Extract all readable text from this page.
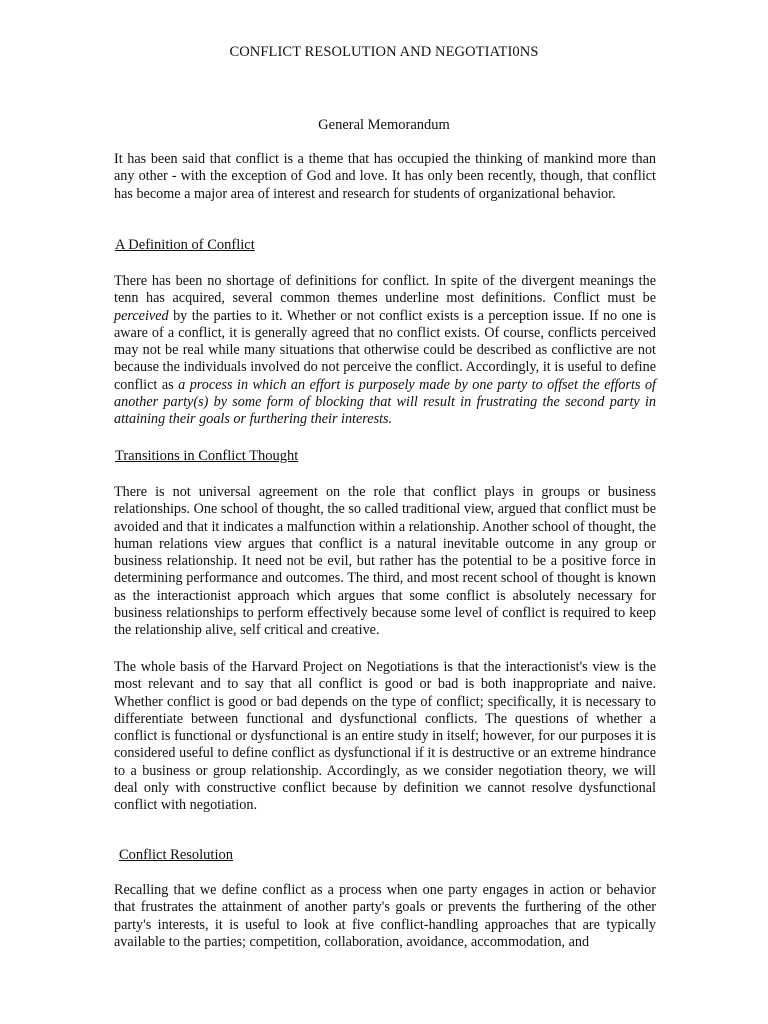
CONFLICT RESOLUTION AND NEGOTIATI0NS
General Memorandum

It has been said that conflict is a theme that has occupied the thinking of mankind more than any other - with the exception of God and love. It has only been recently, though, that conflict has become a major area of interest and research for students of organizational behavior.

A Definition of Conflict

There has been no shortage of definitions for conflict. In spite of the divergent meanings the tenn has acquired, several common themes underline most definitions. Conflict must be perceived by the parties to it. Whether or not conflict exists is a perception issue. If no one is aware of a conflict, it is generally agreed that no conflict exists. Of course, conflicts perceived may not be real while many situations that otherwise could be described as conflictive are not because the individuals involved do not perceive the conflict. Accordingly, it is useful to define conflict as a process in which an effort is purposely made by one party to offset the efforts of another party(s) by some form of blocking that will result in frustrating the second party in attaining their goals or furthering their interests.

Transitions in Conflict Thought

There is not universal agreement on the role that conflict plays in groups or business relationships. One school of thought, the so called traditional view, argued that conflict must be avoided and that it indicates a malfunction within a relationship. Another school of thought, the human relations view argues that conflict is a natural inevitable outcome in any group or business relationship. It need not be evil, but rather has the potential to be a positive force in determining performance and outcomes. The third, and most recent school of thought is known as the interactionist approach which argues that some conflict is absolutely necessary for business relationships to perform effectively because some level of conflict is required to keep the relationship alive, self critical and creative.

The whole basis of the Harvard Project on Negotiations is that the interactionist's view is the most relevant and to say that all conflict is good or bad is both inappropriate and naive. Whether conflict is good or bad depends on the type of conflict; specifically, it is necessary to differentiate between functional and dysfunctional conflicts. The questions of whether a conflict is functional or dysfunctional is an entire study in itself; however, for our purposes it is considered useful to define conflict as dysfunctional if it is destructive or an extreme hindrance to a business or group relationship. Accordingly, as we consider negotiation theory, we will deal only with constructive conflict because by definition we cannot resolve dysfunctional conflict with negotiation.

Conflict Resolution

Recalling that we define conflict as a process when one party engages in action or behavior that frustrates the attainment of another party's goals or prevents the furthering of the other party's interests, it is useful to look at five conflict-handling approaches that are typically available to the parties; competition, collaboration, avoidance, accommodation, and
